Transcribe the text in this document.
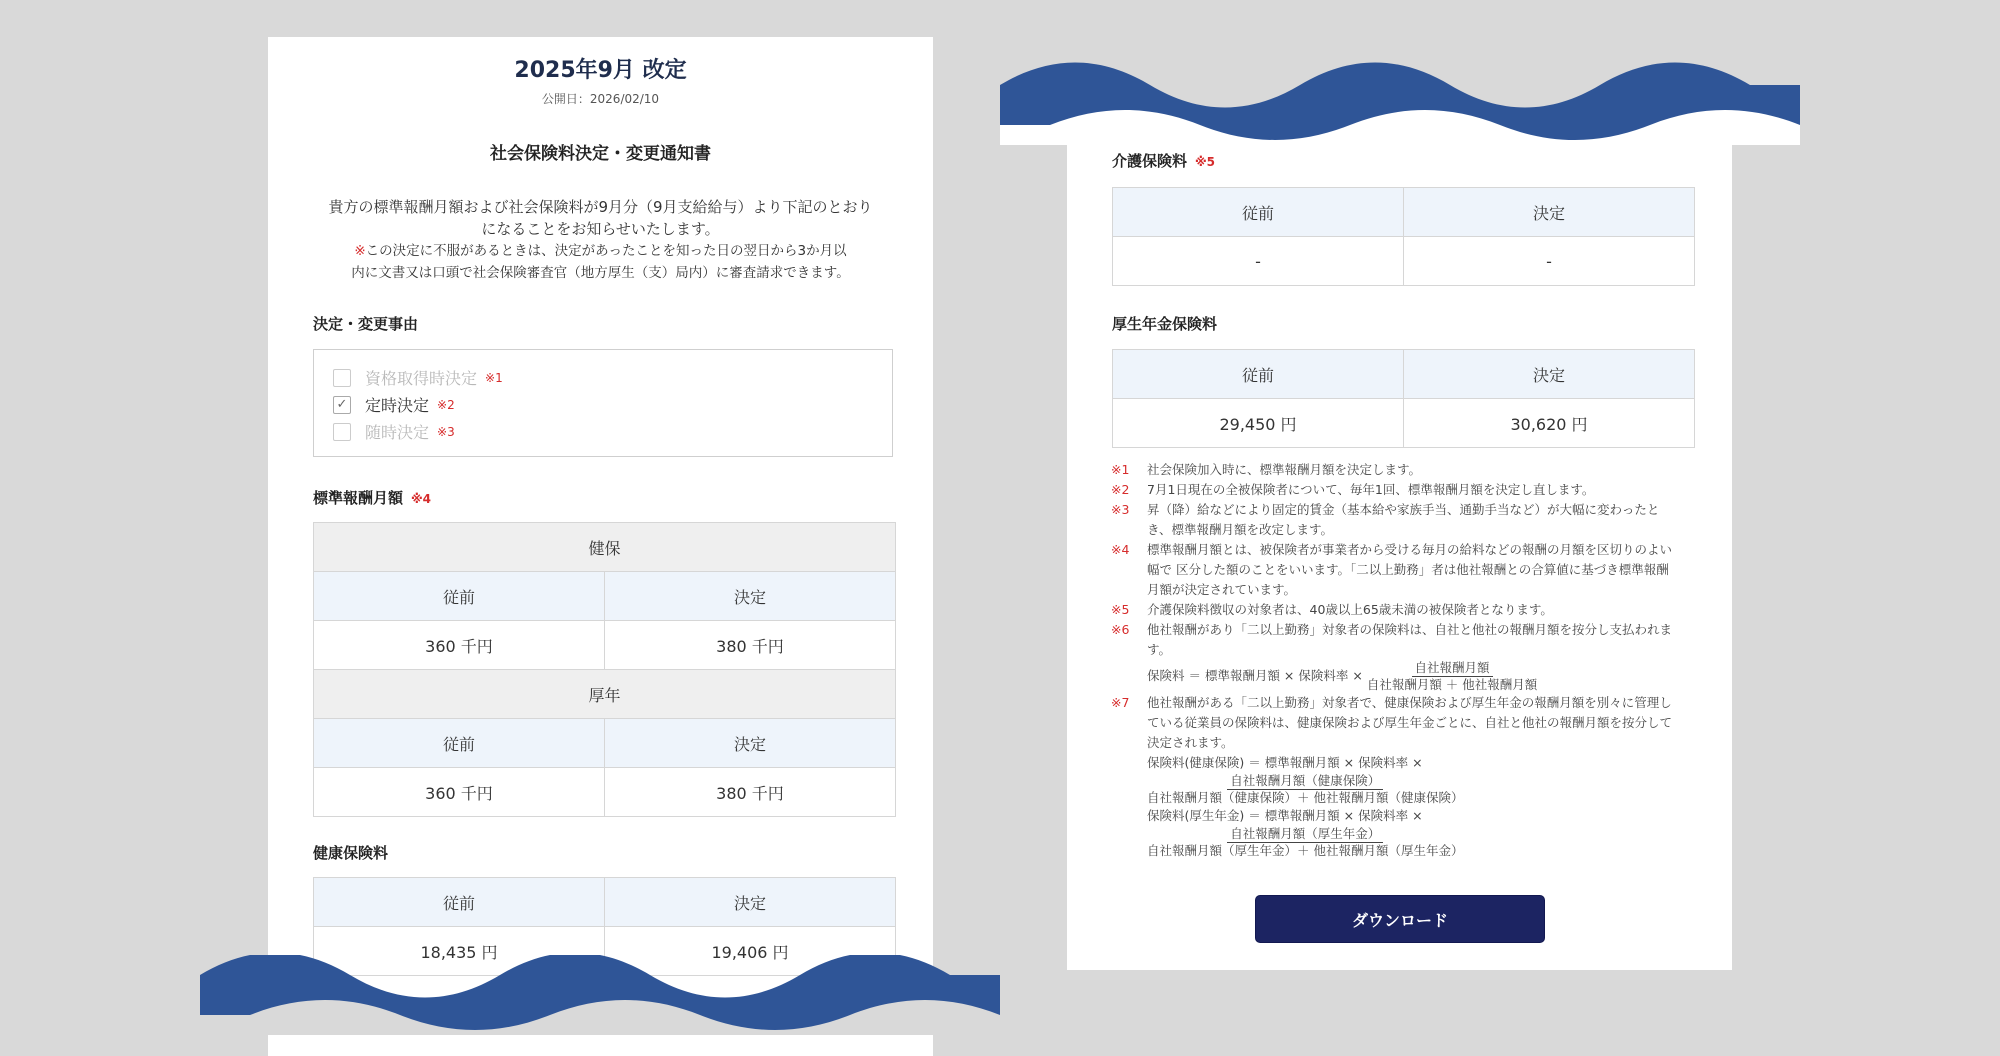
2025年9月 改定
公開日：2026/02/10
社会保険料決定・変更通知書
貴方の標準報酬月額および社会保険料が9月分（9月支給給与）より下記のとおり
になることをお知らせいたします。
※この決定に不服があるときは、決定があったことを知った日の翌日から3か月以
内に文書又は口頭で社会保険審査官（地方厚生（支）局内）に審査請求できます。
決定・変更事由
資格取得時決定 ※1
✓ 定時決定 ※2
随時決定 ※3
標準報酬月額 ※4
健保	
従前	決定
360 千円	380 千円
厚年	
従前	決定
360 千円	380 千円
健康保険料
従前	決定
18,435 円	19,406 円
介護保険料 ※5
従前	決定
-	-
厚生年金保険料
従前	決定
29,450 円	30,620 円
※1	社会保険加入時に、標準報酬月額を決定します。
※2	7月1日現在の全被保険者について、毎年1回、標準報酬月額を決定し直します。
※3	昇（降）給などにより固定的賃金（基本給や家族手当、通勤手当など）が大幅に変わったとき、標準報酬月額を改定します。
※4	標準報酬月額とは、被保険者が事業者から受ける毎月の給料などの報酬の月額を区切りのよい幅で 区分した額のことをいいます。「二以上勤務」者は他社報酬との合算値に基づき標準報酬月額が決定されています。
※5	介護保険料徴収の対象者は、40歳以上65歳未満の被保険者となります。
※6	他社報酬があり「二以上勤務」対象者の保険料は、自社と他社の報酬月額を按分し支払われます。
保険料 ＝ 標準報酬月額 × 保険料率 × $\frac{\text{自社報酬月額}}{\text{自社報酬月額 ＋ 他社報酬月額}}$
※7	他社報酬がある「二以上勤務」対象者で、健康保険および厚生年金の報酬月額を別々に管理している従業員の保険料は、健康保険および厚生年金ごとに、自社と他社の報酬月額を按分して決定されます。
保険料(健康保険) ＝ 標準報酬月額 × 保険料率 ×
$\frac{\text{自社報酬月額（健康保険）}}{\text{自社報酬月額（健康保険）＋ 他社報酬月額（健康保険）}}$
保険料(厚生年金) ＝ 標準報酬月額 × 保険料率 ×
$\frac{\text{自社報酬月額（厚生年金）}}{\text{自社報酬月額（厚生年金）＋ 他社報酬月額（厚生年金）}}$
ダウンロード
